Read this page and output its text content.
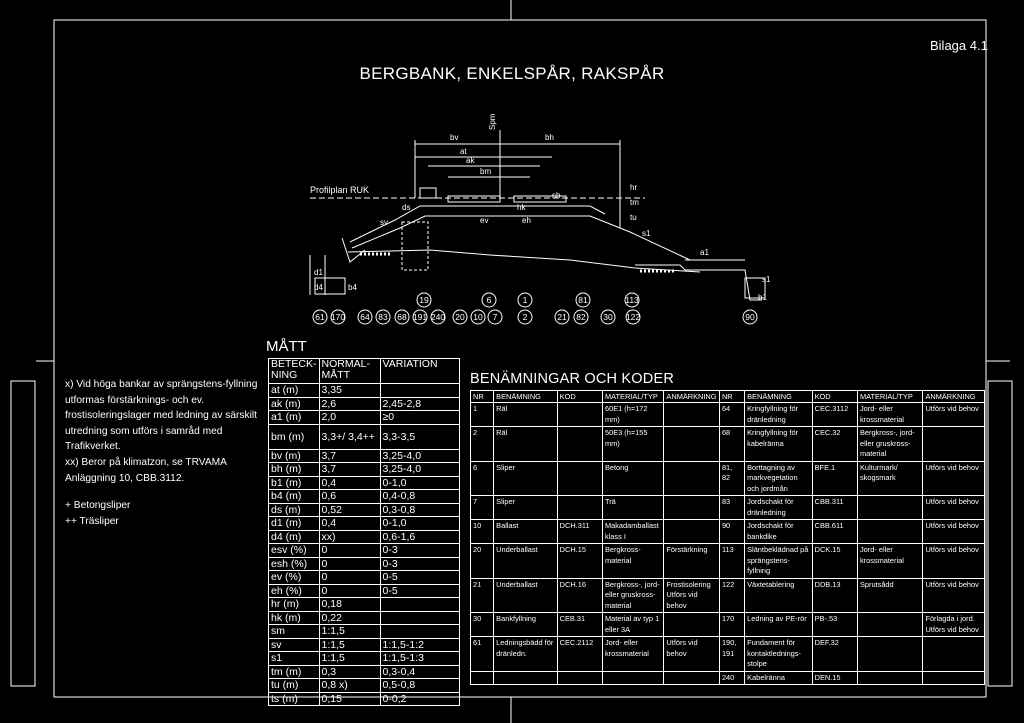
Bilaga 4.1
BERGBANK, ENKELSPÅR, RAKSPÅR
Profilplan RUK
19	6	1	81	113
61 170 64 83 68 191 240 20 10 7	2	21 82 30 122	90
bv
Spm
bh
at
ak
bm
sv
sh
ev	eh
ds
d1
b4
d4
a1
hr
tm
tu
hk
s1
b1
s1

x) Vid höga bankar av sprängstens-fyllning utformas förstärknings- och ev. frostisoleringslager med ledning av särskilt utredning som utförs i samråd med Trafikverket.

xx) Beror på klimatzon, se TRVAMA Anläggning 10, CBB.3112.

+ Betongsliper

++ Träsliper

MÅTT
BETECK-NING	NORMAL-MÅTT	VARIATION
at (m)	3,35	
ak (m)	2,6	2,45-2,8
a1 (m)	2,0	≥0
bm (m)	3,3+/ 3,4++	3,3-3,5
bv (m)	3,7	3,25-4,0
bh (m)	3,7	3,25-4,0
b1 (m)	0,4	0-1,0
b4 (m)	0,6	0,4-0,8
ds (m)	0,52	0,3-0,8
d1 (m)	0,4	0-1,0
d4 (m)	xx)	0,6-1,6
esv (%)	0	0-3
esh (%)	0	0-3
ev (%)	0	0-5
eh (%)	0	0-5
hr (m)	0,18	
hk (m)	0,22	
sm	1:1,5	
sv	1:1,5	1:1,5-1:2
s1	1:1,5	1:1,5-1:3
tm (m)	0,3	0,3-0,4
tu (m)	0,8 x)	0,5-0,8
ts (m)	0,15	0-0,2
BENÄMNINGAR OCH KODER
NR	BENÄMNING	KOD	MATERIAL/TYP	ANMÄRKNING	NR	BENÄMNING	KOD	MATERIAL/TYP	ANMÄRKNING
1	Räl		60E1 (h=172 mm)		64	Kringfyllning för dränledning	CEC.3112	Jord- eller krossmaterial	Utförs vid behov
2	Räl		50E3 (h=155 mm)		68	Kringfyllning för kabelränna	CEC.32	Bergkross-, jord- eller gruskross-material	
6	Sliper		Betong		81, 82	Borttagning av markvegetation och jordmån	BFE.1	Kulturmark/ skogsmark	Utförs vid behov
7	Sliper		Trä		83	Jordschakt för dränledning	CBB.311		Utförs vid behov
10	Ballast	DCH.311	Makadamballast klass I		90	Jordschakt för bankdike	CBB.611		Utförs vid behov
20	Underballast	DCH.15	Bergkross-material	Förstärkning	113	Släntbeklädnad på sprängstens-fyllning	DCK.15	Jord- eller krossmaterial	Utförs vid behov
21	Underballast	DCH.16	Bergkross-, jord- eller gruskross-material	Frostisolering Utförs vid behov	122	Växtetablering	DDB.13	Sprutsådd	Utförs vid behov
30	Bankfyllning	CEB.31	Material av typ 1 eller 3A		170	Ledning av PE-rör	PB-.53		Förlagda i jord. Utförs vid behov
61	Ledningsbädd för dränledn.	CEC.2112	Jord- eller krossmaterial	Utförs vid behov	190, 191	Fundament för kontaktlednings-stolpe	DEF.32		
					240	Kabelränna	DEN.15		
